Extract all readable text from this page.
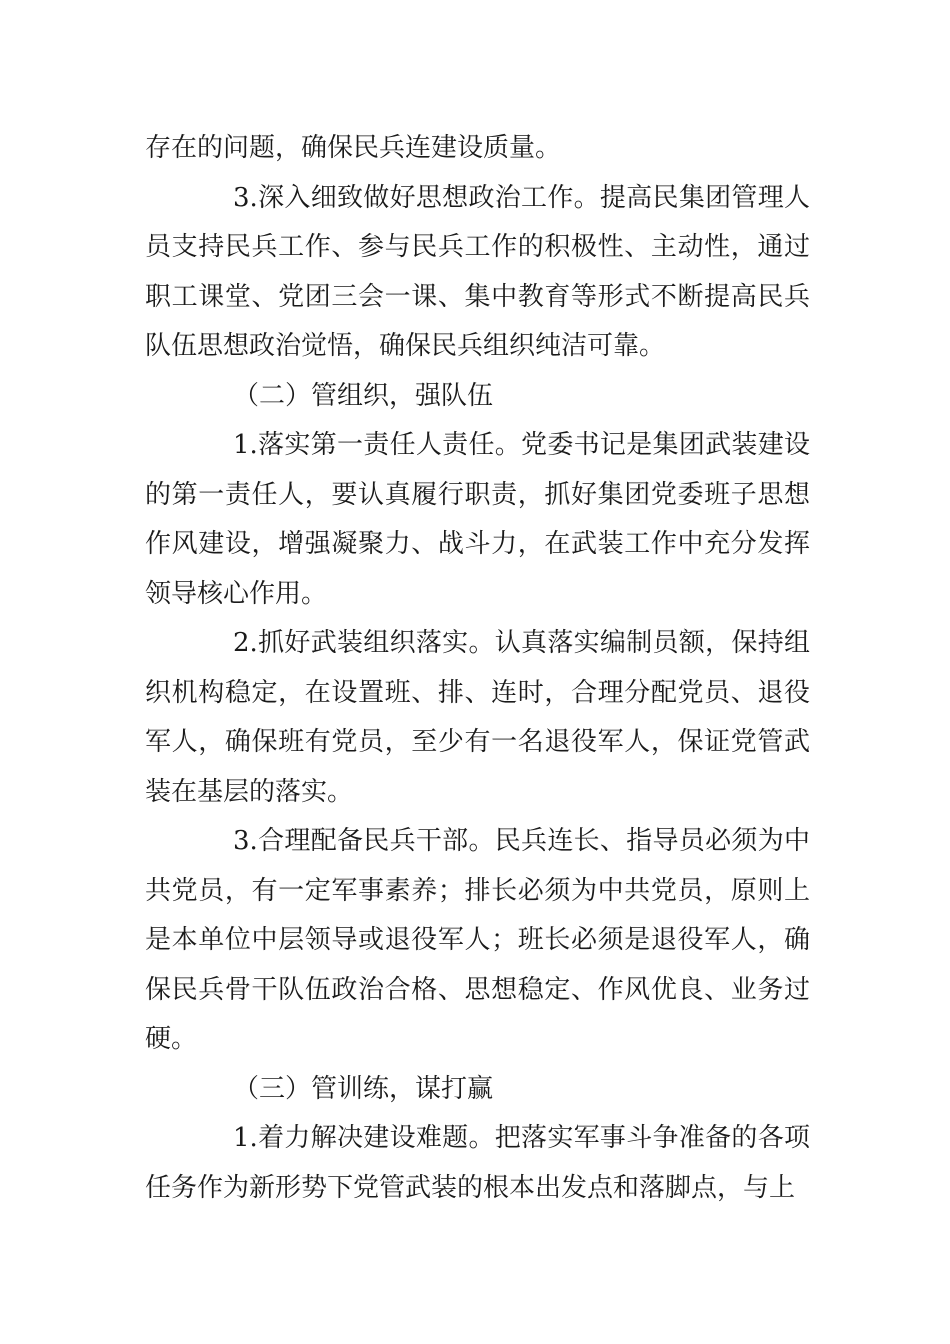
存在的问题，确保民兵连建设质量。

3.深入细致做好思想政治工作。提高民集团管理人员支持民兵工作、参与民兵工作的积极性、主动性，通过职工课堂、党团三会一课、集中教育等形式不断提高民兵队伍思想政治觉悟，确保民兵组织纯洁可靠。

（二）管组织，强队伍

1.落实第一责任人责任。党委书记是集团武装建设的第一责任人，要认真履行职责，抓好集团党委班子思想作风建设，增强凝聚力、战斗力，在武装工作中充分发挥领导核心作用。

2.抓好武装组织落实。认真落实编制员额，保持组织机构稳定，在设置班、排、连时，合理分配党员、退役军人，确保班有党员，至少有一名退役军人，保证党管武装在基层的落实。

3.合理配备民兵干部。民兵连长、指导员必须为中共党员，有一定军事素养；排长必须为中共党员，原则上是本单位中层领导或退役军人；班长必须是退役军人，确保民兵骨干队伍政治合格、思想稳定、作风优良、业务过硬。

（三）管训练，谋打赢

1.着力解决建设难题。把落实军事斗争准备的各项任务作为新形势下党管武装的根本出发点和落脚点，与上
